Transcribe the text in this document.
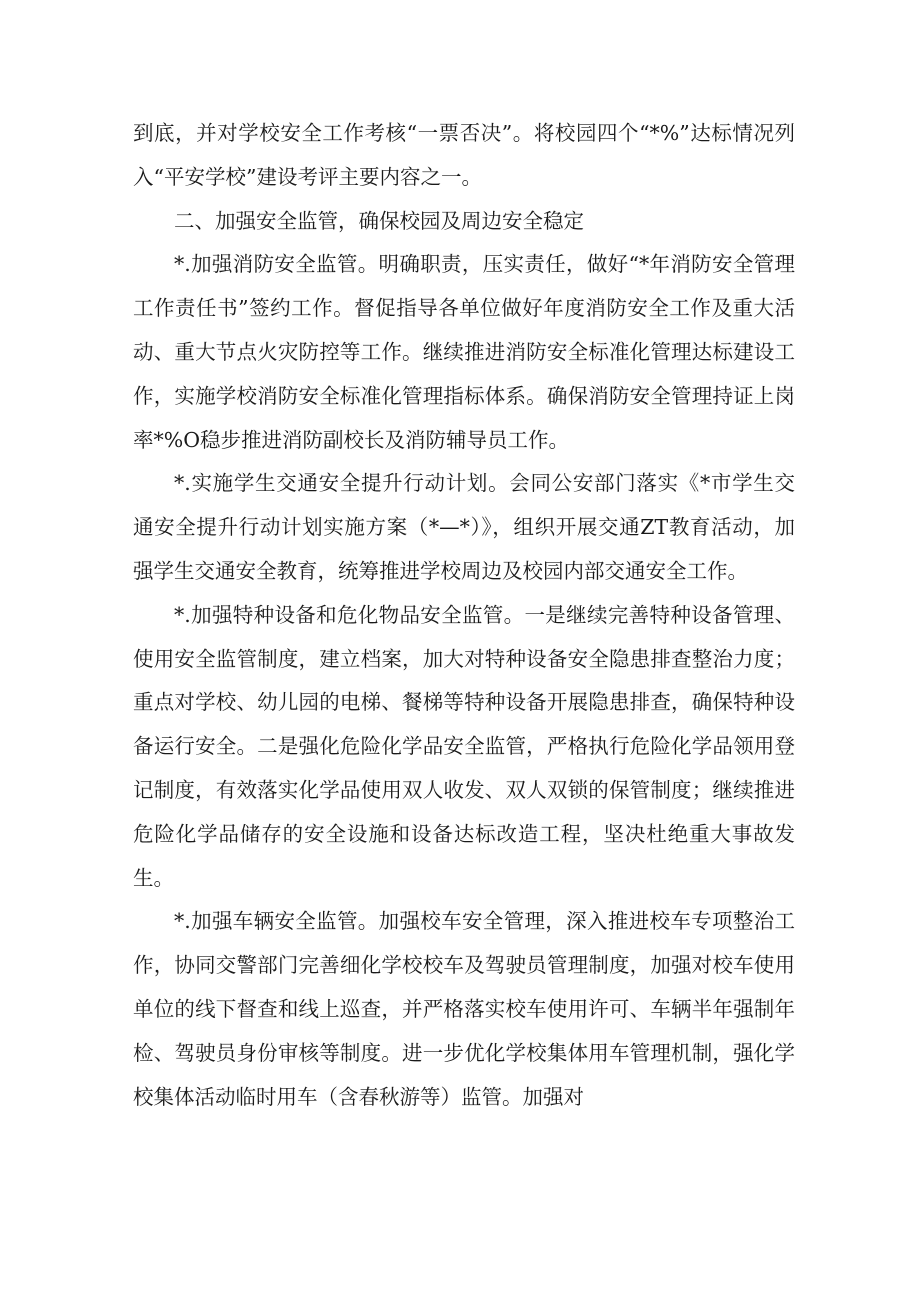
到底，并对学校安全工作考核“一票否决”。将校园四个“*%”达标情况列入“平安学校”建设考评主要内容之一。

二、加强安全监管，确保校园及周边安全稳定

*.加强消防安全监管。明确职责，压实责任，做好“*年消防安全管理工作责任书”签约工作。督促指导各单位做好年度消防安全工作及重大活动、重大节点火灾防控等工作。继续推进消防安全标准化管理达标建设工作，实施学校消防安全标准化管理指标体系。确保消防安全管理持证上岗率*%O稳步推进消防副校长及消防辅导员工作。

*.实施学生交通安全提升行动计划。会同公安部门落实《*市学生交通安全提升行动计划实施方案（*—*）》，组织开展交通ZT教育活动，加强学生交通安全教育，统筹推进学校周边及校园内部交通安全工作。

*.加强特种设备和危化物品安全监管。一是继续完善特种设备管理、使用安全监管制度，建立档案，加大对特种设备安全隐患排查整治力度；重点对学校、幼儿园的电梯、餐梯等特种设备开展隐患排查，确保特种设备运行安全。二是强化危险化学品安全监管，严格执行危险化学品领用登记制度，有效落实化学品使用双人收发、双人双锁的保管制度；继续推进危险化学品储存的安全设施和设备达标改造工程，坚决杜绝重大事故发生。

*.加强车辆安全监管。加强校车安全管理，深入推进校车专项整治工作，协同交警部门完善细化学校校车及驾驶员管理制度，加强对校车使用单位的线下督查和线上巡查，并严格落实校车使用许可、车辆半年强制年检、驾驶员身份审核等制度。进一步优化学校集体用车管理机制，强化学校集体活动临时用车（含春秋游等）监管。加强对
